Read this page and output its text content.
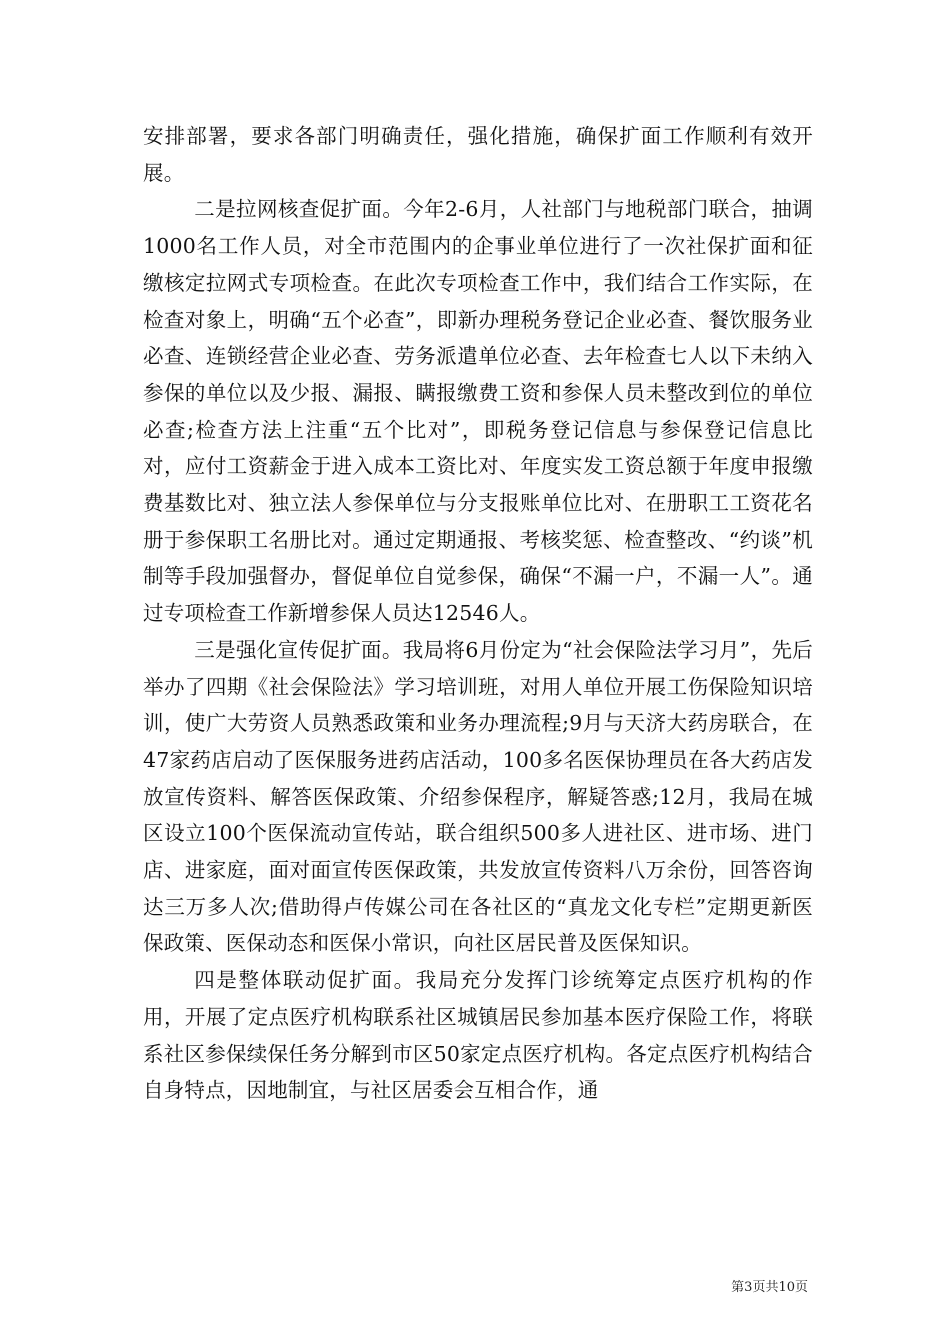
安排部署，要求各部门明确责任，强化措施，确保扩面工作顺利有效开展。

二是拉网核查促扩面。今年2-6月，人社部门与地税部门联合，抽调1000名工作人员，对全市范围内的企事业单位进行了一次社保扩面和征缴核定拉网式专项检查。在此次专项检查工作中，我们结合工作实际，在检查对象上，明确“五个必查”，即新办理税务登记企业必查、餐饮服务业必查、连锁经营企业必查、劳务派遣单位必查、去年检查七人以下未纳入参保的单位以及少报、漏报、瞒报缴费工资和参保人员未整改到位的单位必查;检查方法上注重“五个比对”，即税务登记信息与参保登记信息比对，应付工资薪金于进入成本工资比对、年度实发工资总额于年度申报缴费基数比对、独立法人参保单位与分支报账单位比对、在册职工工资花名册于参保职工名册比对。通过定期通报、考核奖惩、检查整改、“约谈”机制等手段加强督办，督促单位自觉参保，确保“不漏一户，不漏一人”。通过专项检查工作新增参保人员达12546人。

三是强化宣传促扩面。我局将6月份定为“社会保险法学习月”，先后举办了四期《社会保险法》学习培训班，对用人单位开展工伤保险知识培训，使广大劳资人员熟悉政策和业务办理流程;9月与天济大药房联合，在47家药店启动了医保服务进药店活动，100多名医保协理员在各大药店发放宣传资料、解答医保政策、介绍参保程序，解疑答惑;12月，我局在城区设立100个医保流动宣传站，联合组织500多人进社区、进市场、进门店、进家庭，面对面宣传医保政策，共发放宣传资料八万余份，回答咨询达三万多人次;借助得卢传媒公司在各社区的“真龙文化专栏”定期更新医保政策、医保动态和医保小常识，向社区居民普及医保知识。

四是整体联动促扩面。我局充分发挥门诊统筹定点医疗机构的作用，开展了定点医疗机构联系社区城镇居民参加基本医疗保险工作，将联系社区参保续保任务分解到市区50家定点医疗机构。各定点医疗机构结合自身特点，因地制宜，与社区居委会互相合作，通

第3页共10页
